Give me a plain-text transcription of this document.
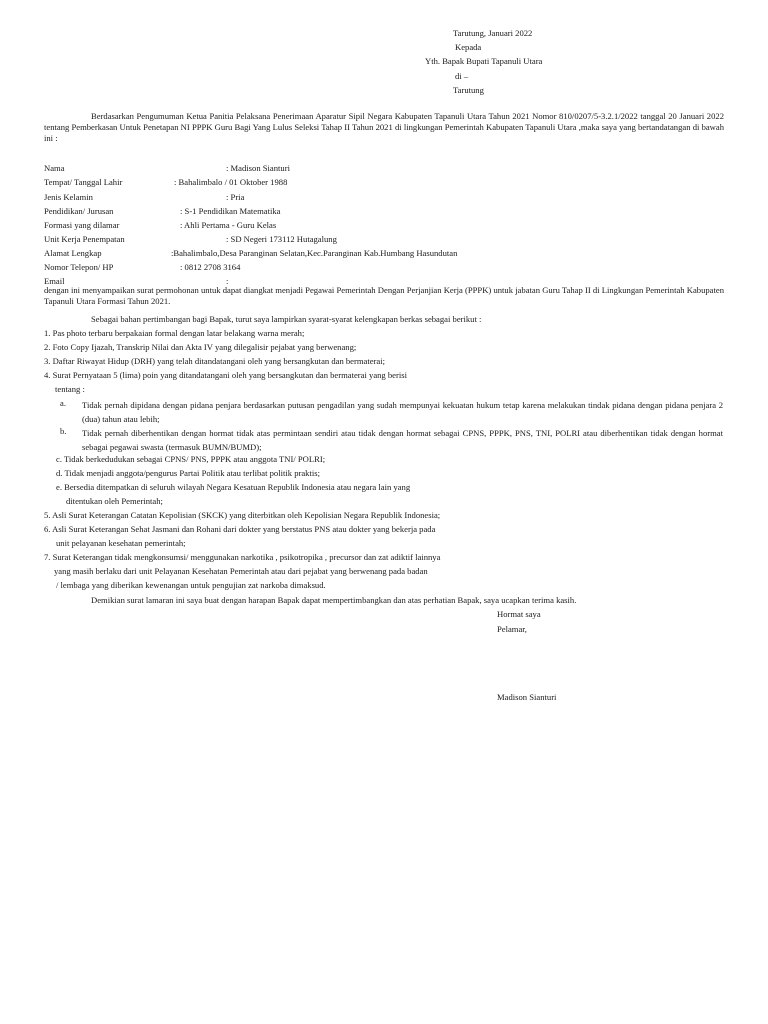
Tarutung, Januari 2022
Kepada
Yth. Bapak Bupati Tapanuli Utara
di –
Tarutung
Berdasarkan Pengumuman Ketua Panitia Pelaksana Penerimaan Aparatur Sipil Negara Kabupaten Tapanuli Utara Tahun 2021 Nomor 810/0207/5-3.2.1/2022 tanggal 20 Januari 2022 tentang Pemberkasan Untuk Penetapan NI PPPK Guru Bagi Yang Lulus Seleksi Tahap II Tahun 2021 di lingkungan Pemerintah Kabupaten Tapanuli Utara ,maka saya yang bertandatangan di bawah ini :
Nama	: Madison Sianturi
Tempat/ Tanggal Lahir	: Bahalimbalo / 01 Oktober 1988
Jenis Kelamin	: Pria
Pendidikan/ Jurusan	: S-1 Pendidikan Matematika
Formasi yang dilamar	: Ahli Pertama - Guru Kelas
Unit Kerja Penempatan	: SD Negeri 173112 Hutagalung
Alamat Lengkap	:Bahalimbalo,Desa Paranginan Selatan,Kec.Paranginan Kab.Humbang Hasundutan
Nomor Telepon/ HP	: 0812 2708 3164
Email	:
dengan ini menyampaikan surat permohonan untuk dapat diangkat menjadi Pegawai Pemerintah Dengan Perjanjian Kerja (PPPK) untuk jabatan Guru Tahap II di Lingkungan Pemerintah Kabupaten Tapanuli Utara Formasi Tahun 2021.
Sebagai bahan pertimbangan bagi Bapak, turut saya lampirkan syarat-syarat kelengkapan berkas sebagai berikut :
1. Pas photo terbaru berpakaian formal dengan latar belakang warna merah;
2. Foto Copy Ijazah, Transkrip Nilai dan Akta IV yang dilegalisir pejabat yang berwenang;
3. Daftar Riwayat Hidup (DRH) yang telah ditandatangani oleh yang bersangkutan dan bermaterai;
4. Surat Pernyataan 5 (lima) poin yang ditandatangani oleh yang bersangkutan dan bermaterai yang berisi
tentang :
a. Tidak pernah dipidana dengan pidana penjara berdasarkan putusan pengadilan yang sudah mempunyai kekuatan hukum tetap karena melakukan tindak pidana dengan pidana penjara 2 (dua) tahun atau lebih;
b. Tidak pernah diberhentikan dengan hormat tidak atas permintaan sendiri atau tidak dengan hormat sebagai CPNS, PPPK, PNS, TNI, POLRI atau diberhentikan tidak dengan hormat sebagai pegawai swasta (termasuk BUMN/BUMD);
c. Tidak berkedudukan sebagai CPNS/ PNS, PPPK atau anggota TNI/ POLRI;
d. Tidak menjadi anggota/pengurus Partai Politik atau terlibat politik praktis;
e. Bersedia ditempatkan di seluruh wilayah Negara Kesatuan Republik Indonesia atau negara lain yang
ditentukan oleh Pemerintah;
5. Asli Surat Keterangan Catatan Kepolisian (SKCK) yang diterbitkan oleh Kepolisian Negara Republik Indonesia;
6. Asli Surat Keterangan Sehat Jasmani dan Rohani dari dokter yang berstatus PNS atau dokter yang bekerja pada
unit pelayanan kesehatan pemerintah;
7. Surat Keterangan tidak mengkonsumsi/ menggunakan narkotika , psikotropika , precursor dan zat adiktif lainnya
yang masih berlaku dari unit Pelayanan Kesehatan Pemerintah atau dari pejabat yang berwenang pada badan
/ lembaga yang diberikan kewenangan untuk pengujian zat narkoba dimaksud.
Demikian surat lamaran ini saya buat dengan harapan Bapak dapat mempertimbangkan dan atas perhatian Bapak, saya ucapkan terima kasih.
Hormat saya
Pelamar,
Madison Sianturi
